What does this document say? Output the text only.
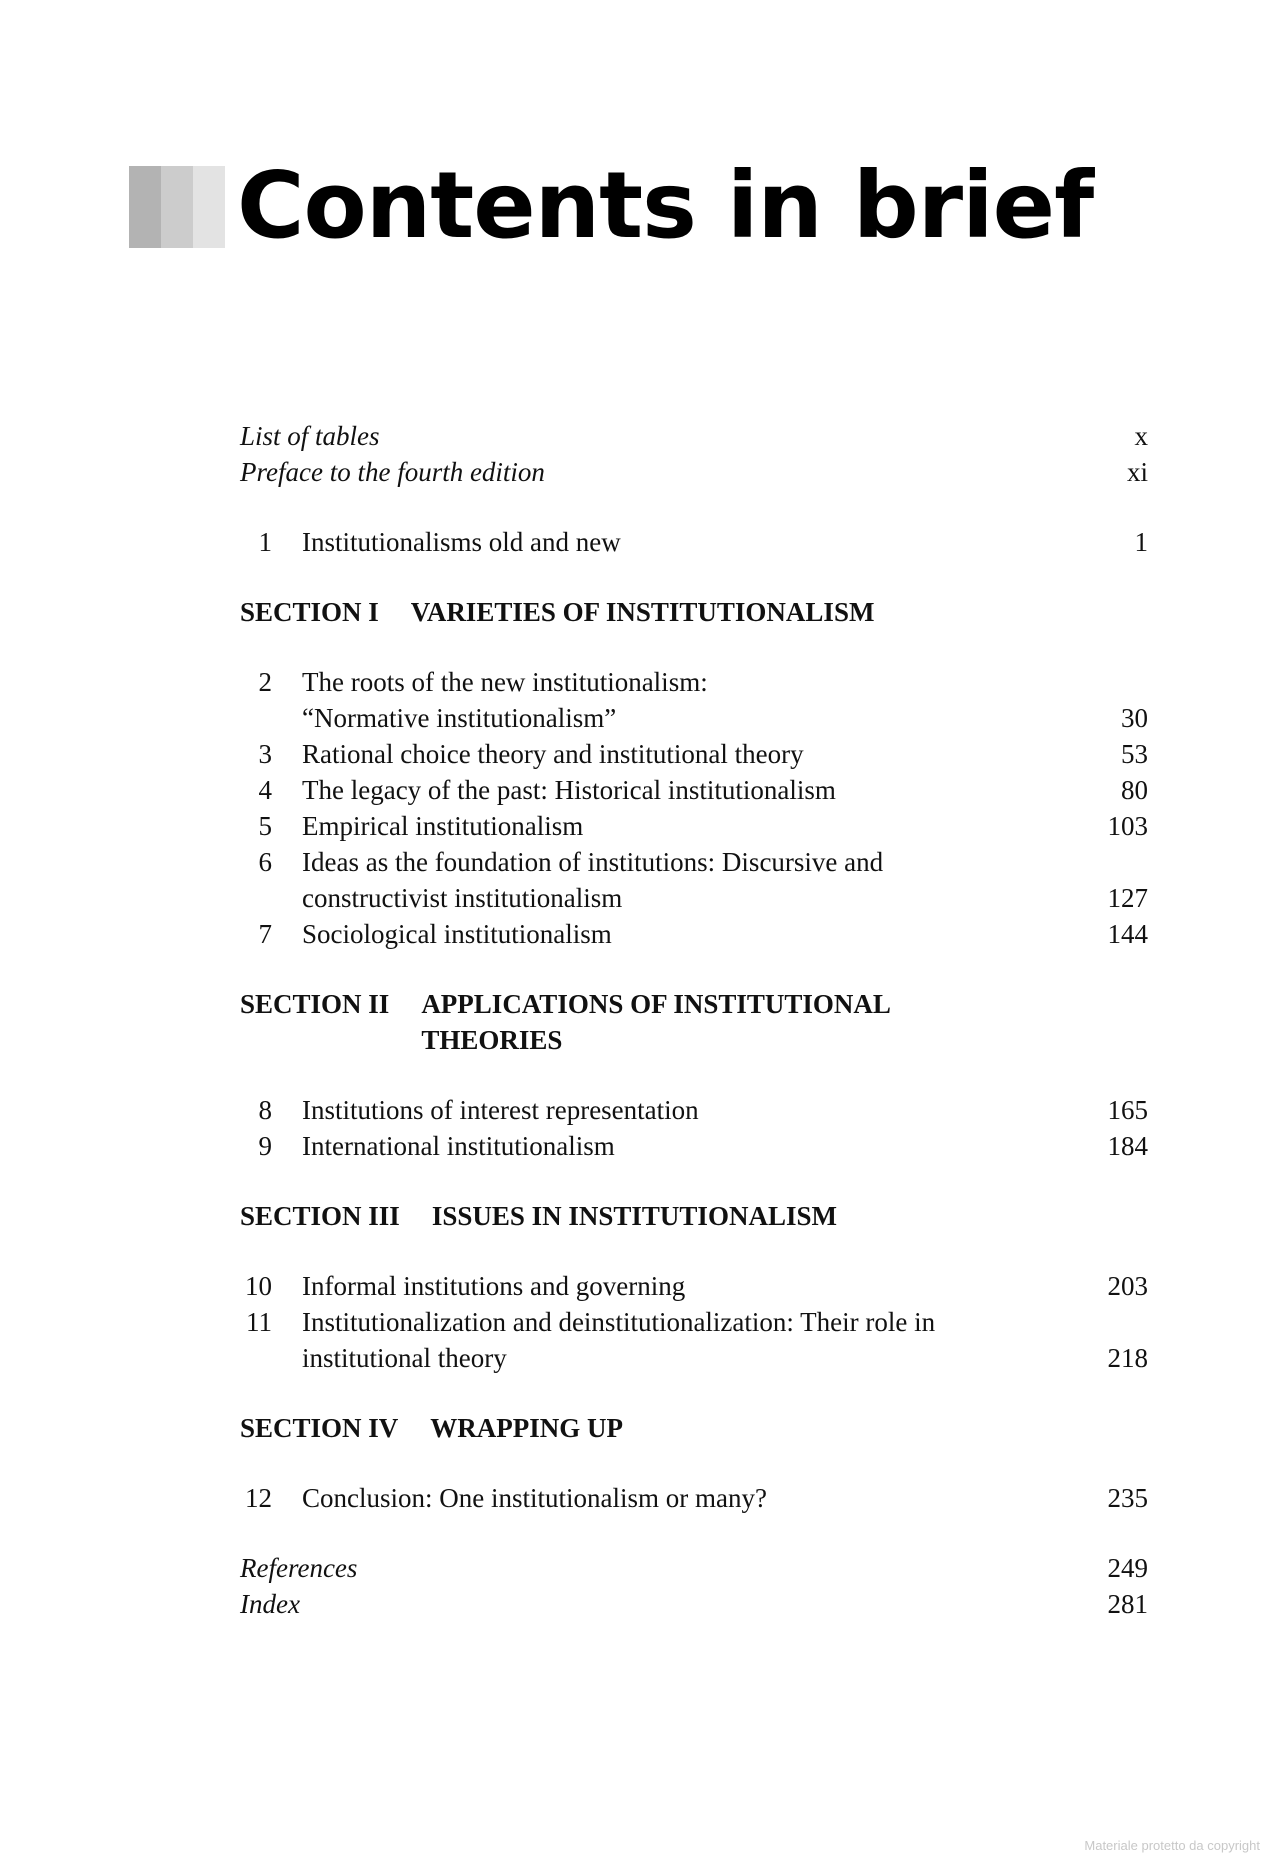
Contents in brief
List of tables	x
Preface to the fourth edition	xi
1 Institutionalisms old and new	1
SECTION I VARIETIES OF INSTITUTIONALISM
2 The roots of the new institutionalism:
“Normative institutionalism”	30
3 Rational choice theory and institutional theory	53
4 The legacy of the past: Historical institutionalism	80
5 Empirical institutionalism	103
6 Ideas as the foundation of institutions: Discursive and
constructivist institutionalism	127
7 Sociological institutionalism	144
SECTION II APPLICATIONS OF INSTITUTIONAL THEORIES
8 Institutions of interest representation	165
9 International institutionalism	184
SECTION III ISSUES IN INSTITUTIONALISM
10 Informal institutions and governing	203
11 Institutionalization and deinstitutionalization: Their role in
institutional theory	218
SECTION IV WRAPPING UP
12 Conclusion: One institutionalism or many?	235
References	249
Index	281
Materiale protetto da copyright
